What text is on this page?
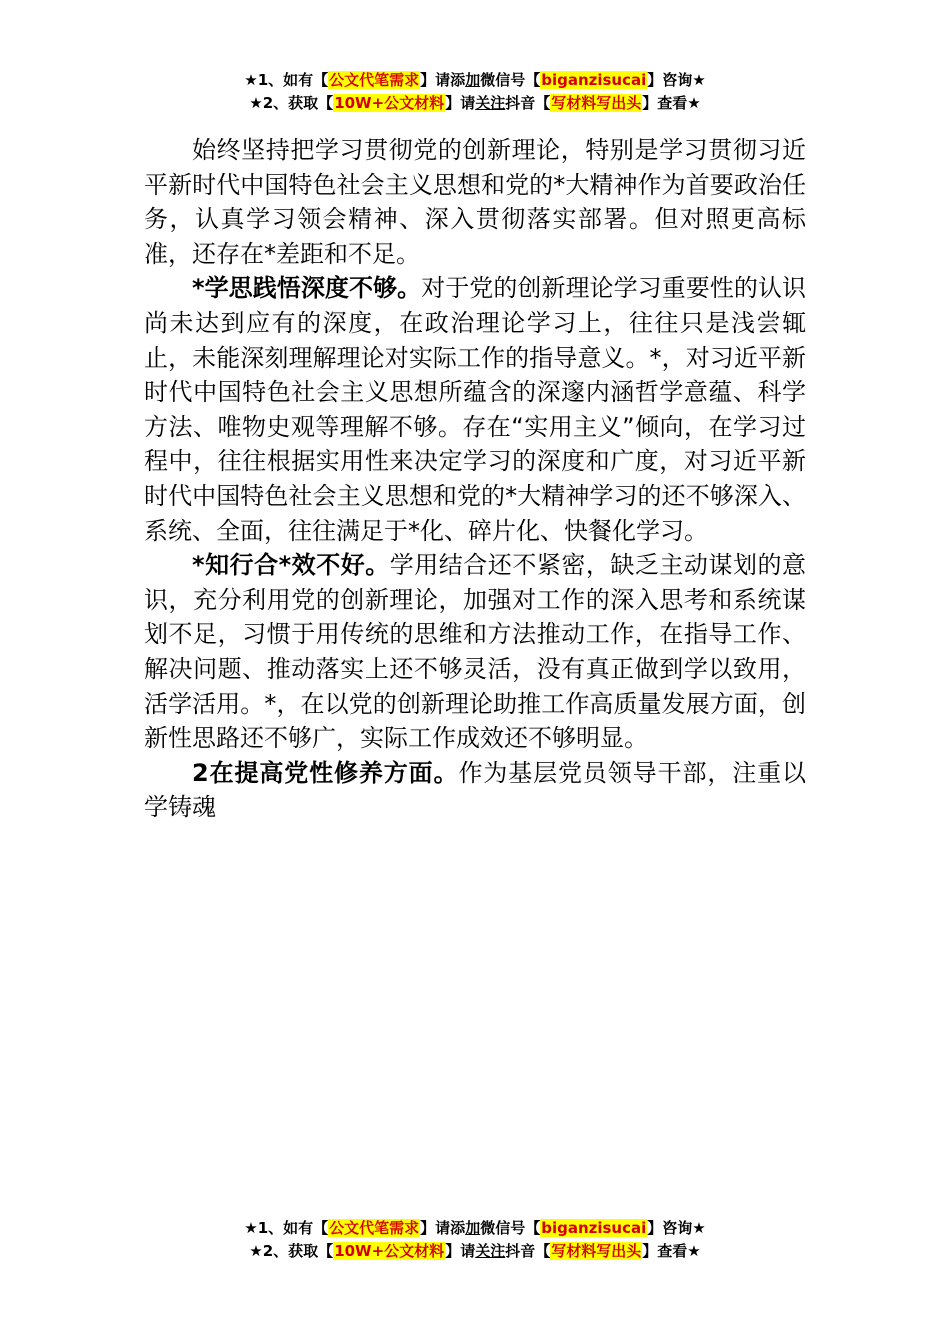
★1、如有【公文代笔需求】请添加微信号【biganzisucai】咨询★
★2、获取【10W+公文材料】请关注抖音【写材料写出头】查看★

始终坚持把学习贯彻党的创新理论，特别是学习贯彻习近平新时代中国特色社会主义思想和党的*大精神作为首要政治任务，认真学习领会精神、深入贯彻落实部署。但对照更高标准，还存在*差距和不足。

*学思践悟深度不够。对于党的创新理论学习重要性的认识尚未达到应有的深度，在政治理论学习上，往往只是浅尝辄止，未能深刻理解理论对实际工作的指导意义。*，对习近平新时代中国特色社会主义思想所蕴含的深邃内涵哲学意蕴、科学方法、唯物史观等理解不够。存在“实用主义”倾向，在学习过程中，往往根据实用性来决定学习的深度和广度，对习近平新时代中国特色社会主义思想和党的*大精神学习的还不够深入、系统、全面，往往满足于*化、碎片化、快餐化学习。

*知行合*效不好。学用结合还不紧密，缺乏主动谋划的意识，充分利用党的创新理论，加强对工作的深入思考和系统谋划不足，习惯于用传统的思维和方法推动工作，在指导工作、解决问题、推动落实上还不够灵活，没有真正做到学以致用，活学活用。*，在以党的创新理论助推工作高质量发展方面，创新性思路还不够广，实际工作成效还不够明显。

2在提高党性修养方面。作为基层党员领导干部，注重以学铸魂

★1、如有【公文代笔需求】请添加微信号【biganzisucai】咨询★
★2、获取【10W+公文材料】请关注抖音【写材料写出头】查看★
